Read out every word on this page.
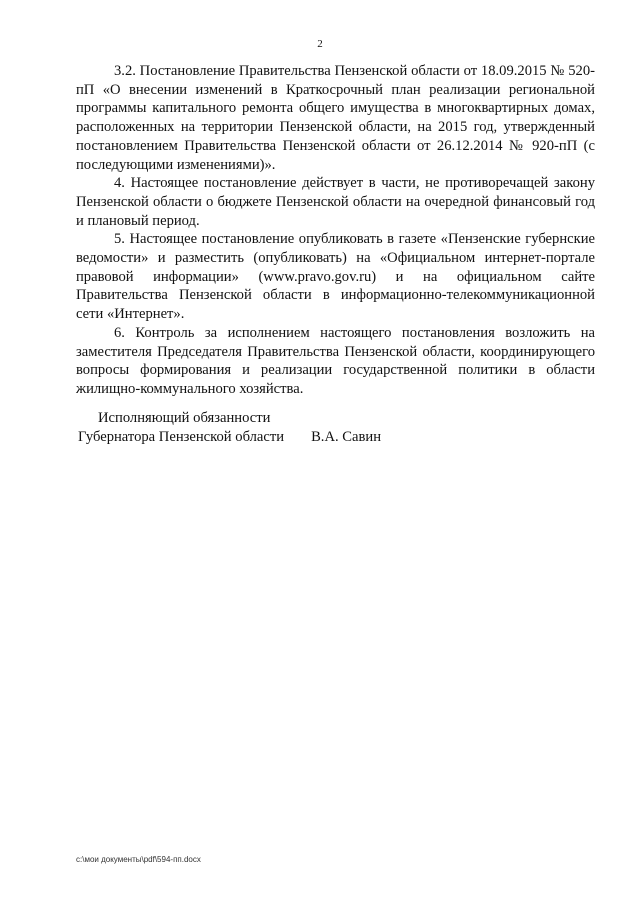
2

3.2. Постановление Правительства Пензенской области от 18.09.2015 № 520-пП «О внесении изменений в Краткосрочный план реализации региональной программы капитального ремонта общего имущества в многоквартирных домах, расположенных на территории Пензенской области, на 2015 год, утвержденный постановлением Правительства Пензенской области от 26.12.2014 № 920-пП (с последующими изменениями)».

4. Настоящее постановление действует в части, не противоречащей закону Пензенской области о бюджете Пензенской области на очередной финансовый год и плановый период.

5. Настоящее постановление опубликовать в газете «Пензенские губернские ведомости» и разместить (опубликовать) на «Официальном интернет-портале правовой информации» (www.pravo.gov.ru) и на официальном сайте Правительства Пензенской области в информационно-телекоммуникационной сети «Интернет».

6. Контроль за исполнением настоящего постановления возложить на заместителя Председателя Правительства Пензенской области, координирующего вопросы формирования и реализации государственной политики в области жилищно-коммунального хозяйства.

Исполняющий обязанности
Губернатора Пензенской области В.А. Савин
c:\мои документы\pdf\594-пп.docx
